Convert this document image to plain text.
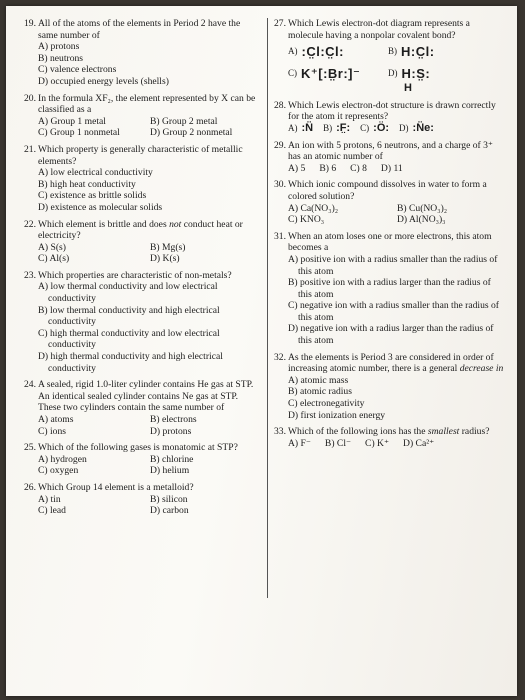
19. All of the atoms of the elements in Period 2 have the same number of
A) protons
B) neutrons
C) valence electrons
D) occupied energy levels (shells)
20. In the formula XF₂, the element represented by X can be classified as a
A) Group 1 metal	B) Group 2 metal
C) Group 1 nonmetal	D) Group 2 nonmetal
21. Which property is generally characteristic of metallic elements?
A) low electrical conductivity
B) high heat conductivity
C) existence as brittle solids
D) existence as molecular solids
22. Which element is brittle and does not conduct heat or electricity?
A) S(s)	B) Mg(s)
C) Al(s)	D) K(s)
23. Which properties are characteristic of non-metals?
A) low thermal conductivity and low electrical conductivity
B) low thermal conductivity and high electrical conductivity
C) high thermal conductivity and low electrical conductivity
D) high thermal conductivity and high electrical conductivity
24. A sealed, rigid 1.0-liter cylinder contains He gas at STP. An identical sealed cylinder contains Ne gas at STP. These two cylinders contain the same number of
A) atoms	B) electrons
C) ions	D) protons
25. Which of the following gases is monatomic at STP?
A) hydrogen	B) chlorine
C) oxygen	D) helium
26. Which Group 14 element is a metalloid?
A) tin	B) silicon
C) lead	D) carbon
27. Which Lewis electron-dot diagram represents a molecule having a nonpolar covalent bond?
A) :C̤l:C̤l:	B) H:C̤l:
C) K⁺[:B̤r:]⁻	D) H:S̤:
H
28. Which Lewis electron-dot structure is drawn correctly for the atom it represents?
A) :N̈ B) :F̤: C) :Ö: D) :N̈e:
29. An ion with 5 protons, 6 neutrons, and a charge of 3⁺ has an atomic number of
A) 5 B) 6 C) 8 D) 11
30. Which ionic compound dissolves in water to form a colored solution?
A) Ca(NO₃)₂	B) Cu(NO₃)₂
C) KNO₃	D) Al(NO₃)₃
31. When an atom loses one or more electrons, this atom becomes a
A) positive ion with a radius smaller than the radius of this atom
B) positive ion with a radius larger than the radius of this atom
C) negative ion with a radius smaller than the radius of this atom
D) negative ion with a radius larger than the radius of this atom
32. As the elements is Period 3 are considered in order of increasing atomic number, there is a general decrease in
A) atomic mass
B) atomic radius
C) electronegativity
D) first ionization energy
33. Which of the following ions has the smallest radius?
A) F⁻ B) Cl⁻ C) K⁺ D) Ca²⁺
